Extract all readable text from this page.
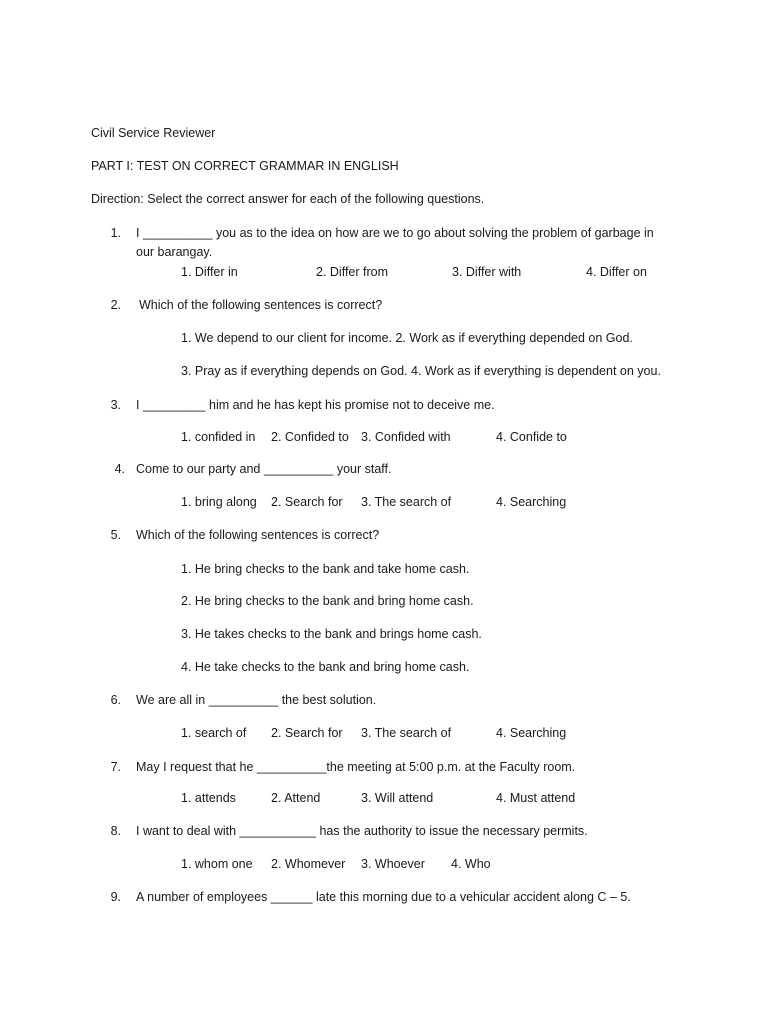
Civil Service Reviewer
PART I: TEST ON CORRECT GRAMMAR IN ENGLISH
Direction: Select the correct answer for each of the following questions.
1. I __________ you as to the idea on how are we to go about solving the problem of garbage in
our barangay.
1. Differ in	2. Differ from	3. Differ with	4. Differ on
2. Which of the following sentences is correct?
1. We depend to our client for income. 2. Work as if everything depended on God.
3. Pray as if everything depends on God. 4. Work as if everything is dependent on you.
3. I _________ him and he has kept his promise not to deceive me.
1. confided in 2. Confided to 3. Confided with	4. Confide to
4. Come to our party and __________ your staff.
1. bring along 2. Search for 3. The search of	4. Searching
5. Which of the following sentences is correct?
1. He bring checks to the bank and take home cash.
2. He bring checks to the bank and bring home cash.
3. He takes checks to the bank and brings home cash.
4. He take checks to the bank and bring home cash.
6. We are all in __________ the best solution.
1. search of 2. Search for 3. The search of	4. Searching
7. May I request that he __________the meeting at 5:00 p.m. at the Faculty room.
1. attends	2. Attend	3. Will attend	4. Must attend
8. I want to deal with ___________ has the authority to issue the necessary permits.
1. whom one 2. Whomever 3. Whoever 4. Who
9. A number of employees ______ late this morning due to a vehicular accident along C – 5.
